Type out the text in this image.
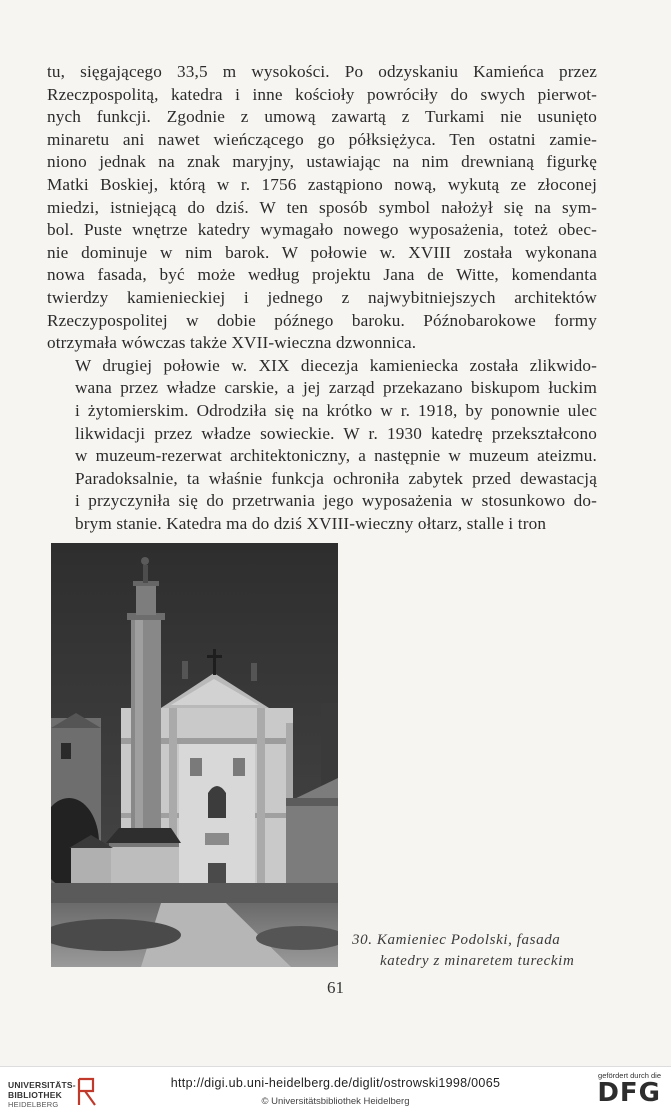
tu, sięgającego 33,5 m wysokości. Po odzyskaniu Kamieńca przez
Rzeczpospolitą, katedra i inne kościoły powróciły do swych pierwot-
nych funkcji. Zgodnie z umową zawartą z Turkami nie usunięto
minaretu ani nawet wieńczącego go półksiężyca. Ten ostatni zamie-
niono jednak na znak maryjny, ustawiając na nim drewnianą figurkę
Matki Boskiej, którą w r. 1756 zastąpiono nową, wykutą ze złoconej
miedzi, istniejącą do dziś. W ten sposób symbol nałożył się na sym-
bol. Puste wnętrze katedry wymagało nowego wyposażenia, toteż obec-
nie dominuje w nim barok. W połowie w. XVIII została wykonana
nowa fasada, być może według projektu Jana de Witte, komendanta
twierdzy kamienieckiej i jednego z najwybitniejszych architektów
Rzeczypospolitej w dobie późnego baroku. Późnobarokowe formy
otrzymała wówczas także XVII-wieczna dzwonnica.

W drugiej połowie w. XIX diecezja kamieniecka została zlikwido-
wana przez władze carskie, a jej zarząd przekazano biskupom łuckim
i żytomierskim. Odrodziła się na krótko w r. 1918, by ponownie ulec
likwidacji przez władze sowieckie. W r. 1930 katedrę przekształcono
w muzeum-rezerwat architektoniczny, a następnie w muzeum ateizmu.
Paradoksalnie, ta właśnie funkcja ochroniła zabytek przed dewastacją
i przyczyniła się do przetrwania jego wyposażenia w stosunkowo do-
brym stanie. Katedra ma do dziś XVIII-wieczny ołtarz, stalle i tron

30. Kamieniec Podolski, fasada
katedry z minaretem tureckim
61
UNIVERSITÄTS-
BIBLIOTHEK
HEIDELBERG
http://digi.ub.uni-heidelberg.de/diglit/ostrowski1998/0065
© Universitätsbibliothek Heidelberg
gefördert durch die
DFG
